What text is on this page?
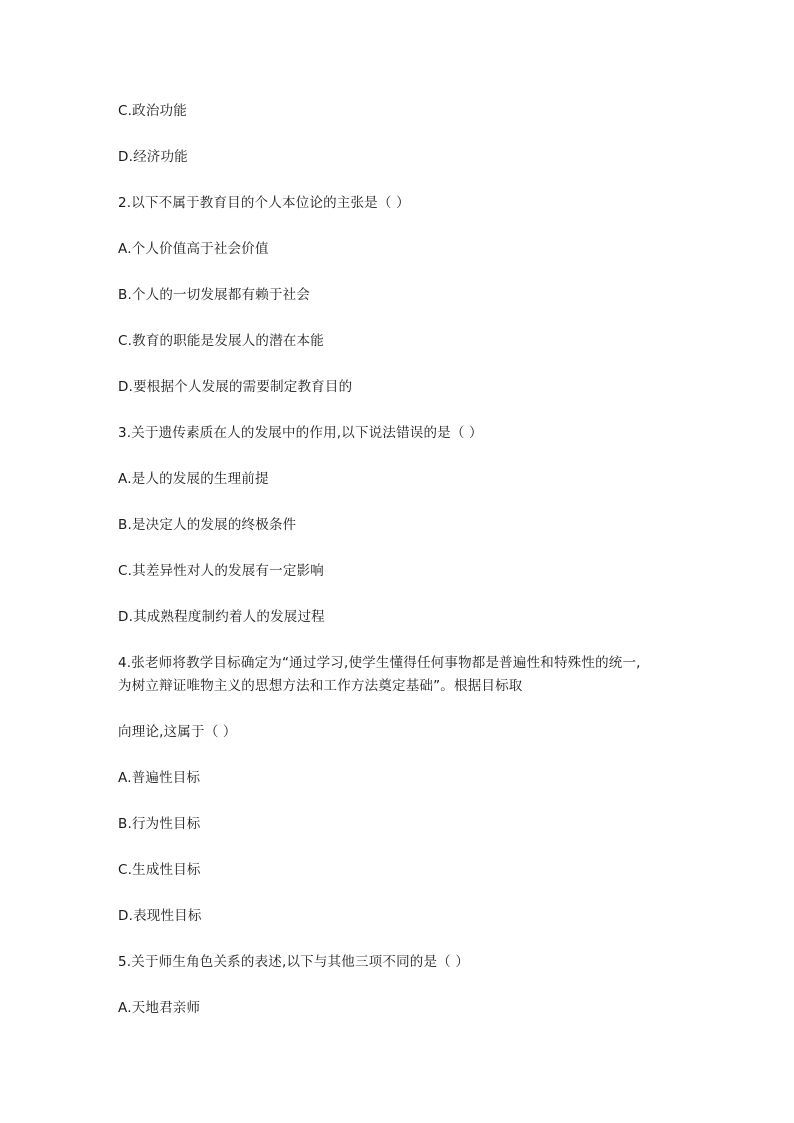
C.政治功能
D.经济功能
2.以下不属于教育目的个人本位论的主张是（ ）
A.个人价值高于社会价值
B.个人的一切发展都有赖于社会
C.教育的职能是发展人的潜在本能
D.要根据个人发展的需要制定教育目的
3.关于遗传素质在人的发展中的作用,以下说法错误的是（ ）
A.是人的发展的生理前提
B.是决定人的发展的终极条件
C.其差异性对人的发展有一定影响
D.其成熟程度制约着人的发展过程
4.张老师将教学目标确定为“通过学习,使学生懂得任何事物都是普遍性和特殊性的统一,
为树立辩证唯物主义的思想方法和工作方法奠定基础”。根据目标取
向理论,这属于（ ）
A.普遍性目标
B.行为性目标
C.生成性目标
D.表现性目标
5.关于师生角色关系的表述,以下与其他三项不同的是（ ）
A.天地君亲师
